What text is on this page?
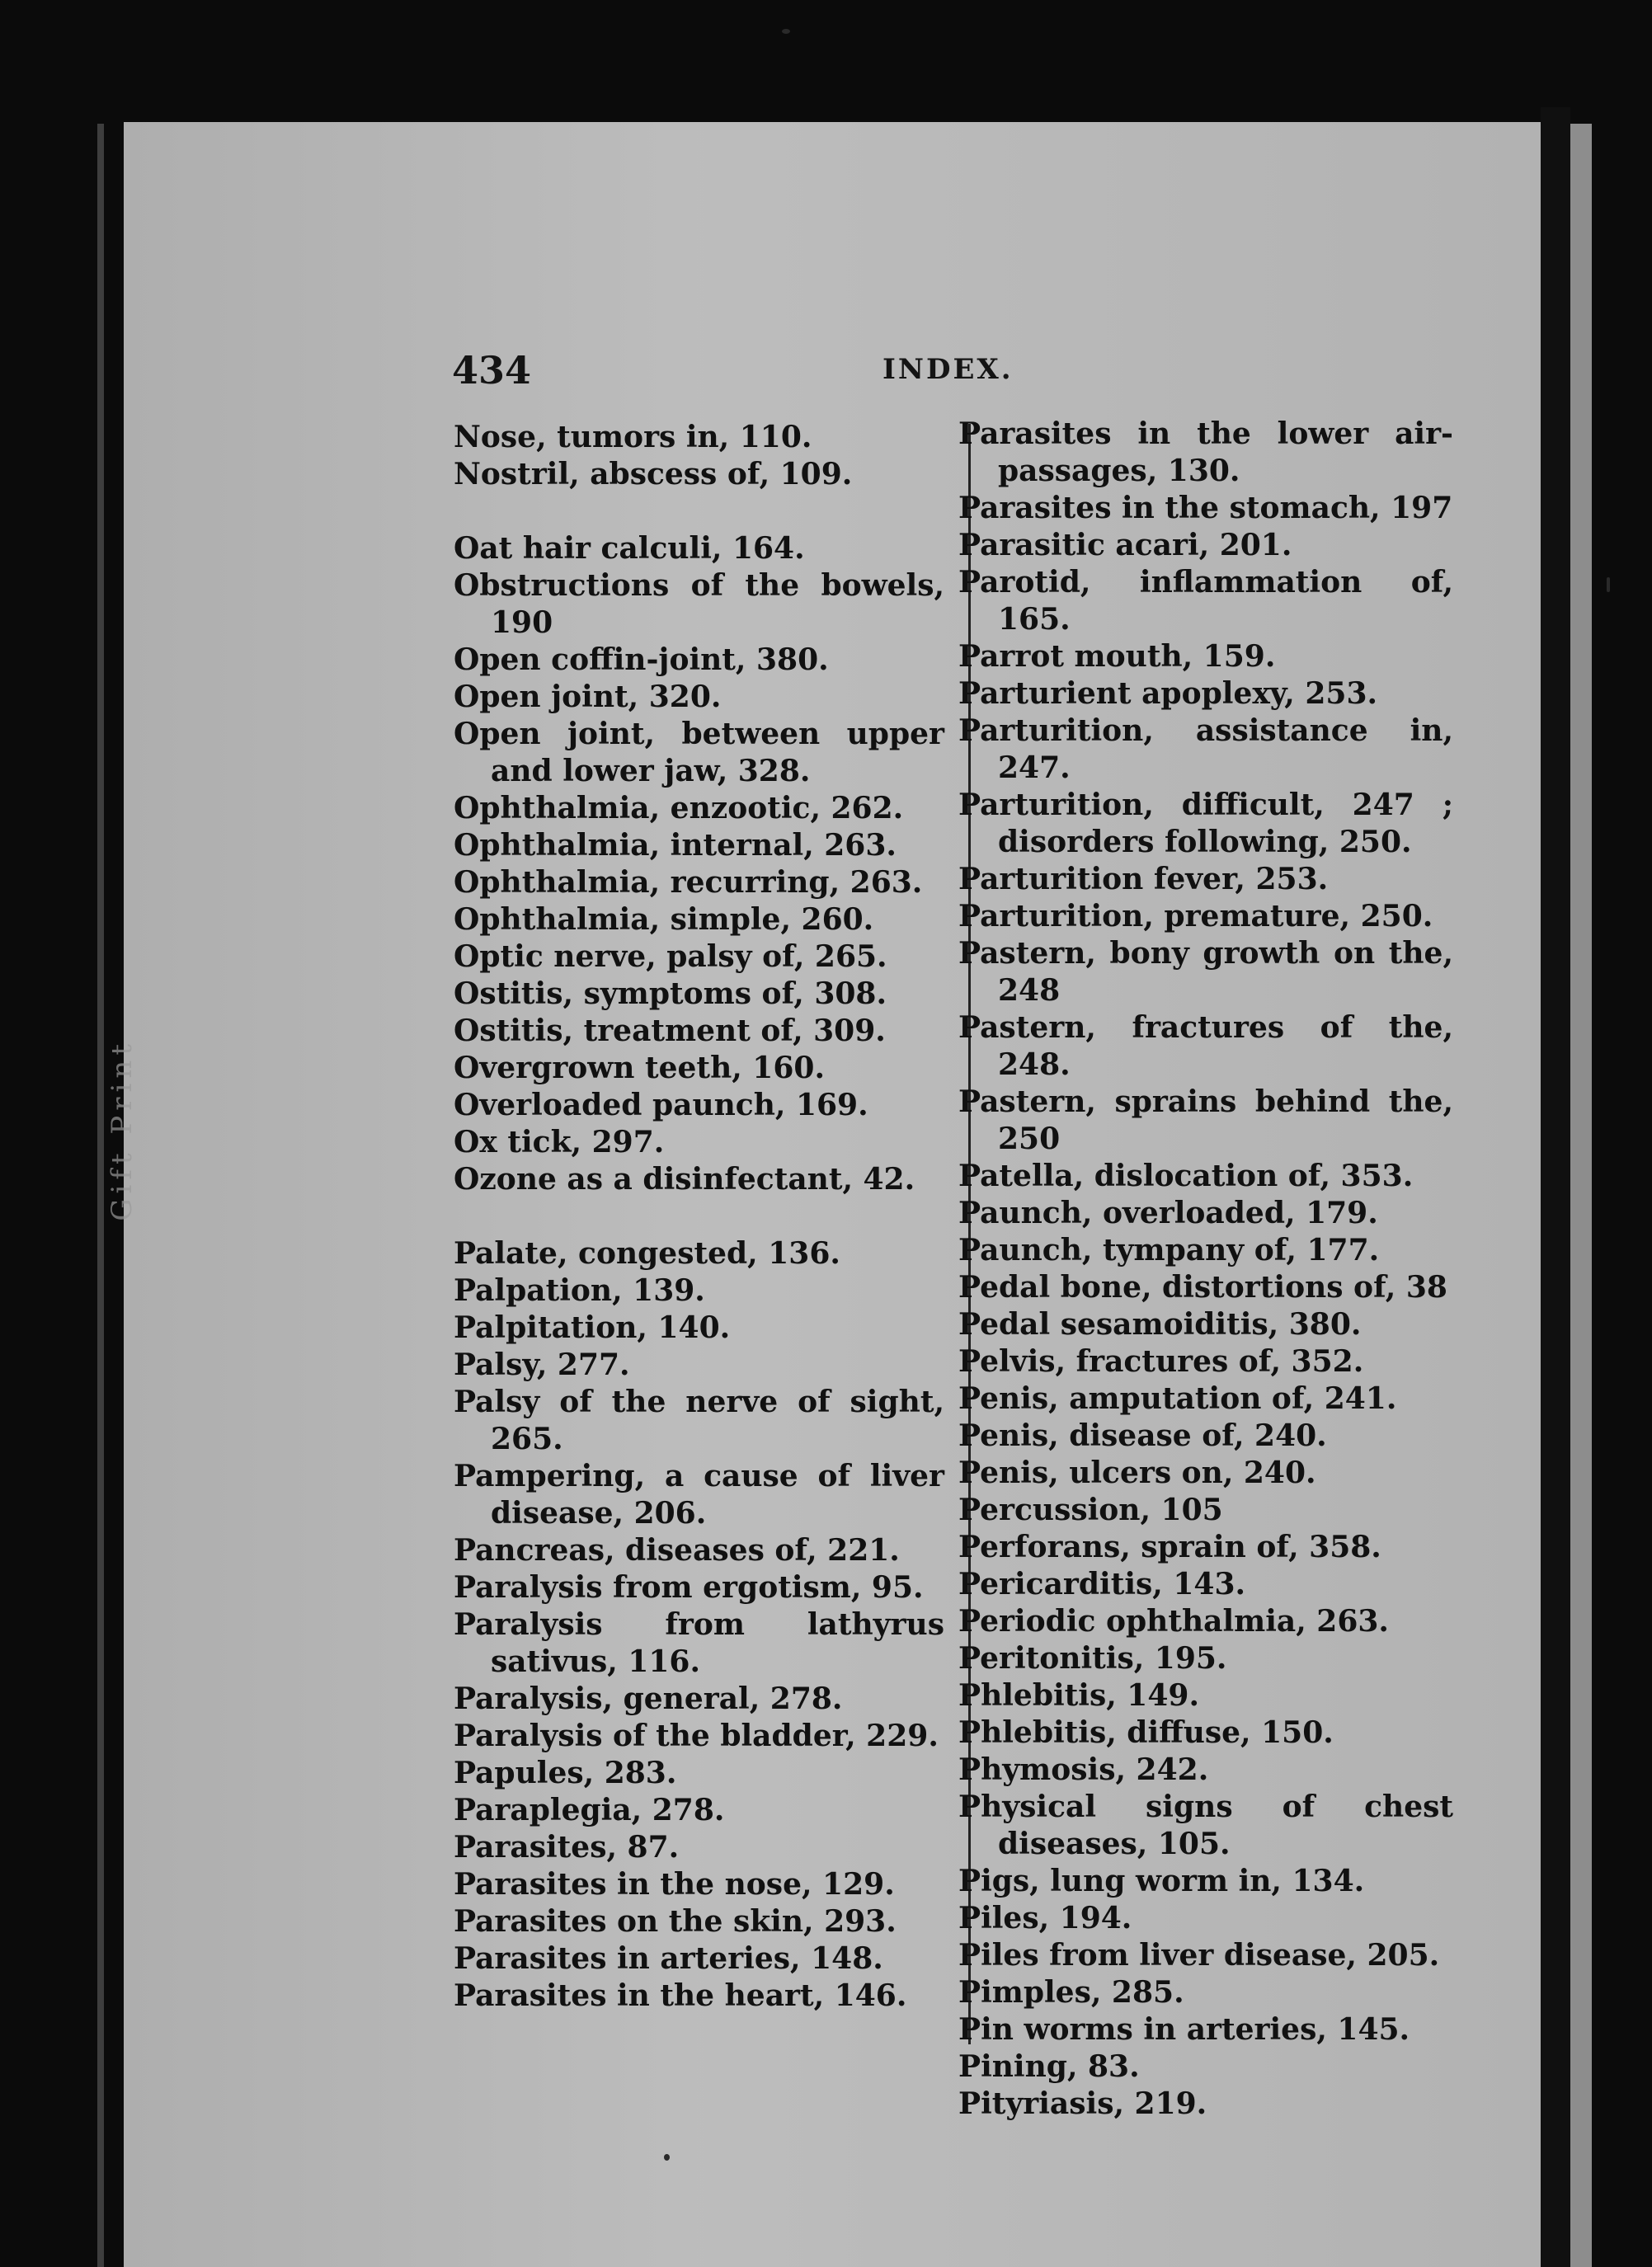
Gift Print
434	INDEX.
Nose, tumors in, 110.
Nostril, abscess of, 109.
Oat hair calculi, 164.
Obstructions of the bowels, 190
Open coffin-joint, 380.
Open joint, 320.
Open joint, between upper and lower jaw, 328.
Ophthalmia, enzootic, 262.
Ophthalmia, internal, 263.
Ophthalmia, recurring, 263.
Ophthalmia, simple, 260.
Optic nerve, palsy of, 265.
Ostitis, symptoms of, 308.
Ostitis, treatment of, 309.
Overgrown teeth, 160.
Overloaded paunch, 169.
Ox tick, 297.
Ozone as a disinfectant, 42.
Palate, congested, 136.
Palpation, 139.
Palpitation, 140.
Palsy, 277.
Palsy of the nerve of sight, 265.
Pampering, a cause of liver disease, 206.
Pancreas, diseases of, 221.
Paralysis from ergotism, 95.
Paralysis from lathyrus sativus, 116.
Paralysis, general, 278.
Paralysis of the bladder, 229.
Papules, 283.
Paraplegia, 278.
Parasites, 87.
Parasites in the nose, 129.
Parasites on the skin, 293.
Parasites in arteries, 148.
Parasites in the heart, 146.
Parasites in the lower air-passages, 130.
Parasites in the stomach, 197
Parasitic acari, 201.
Parotid, inflammation of, 165.
Parrot mouth, 159.
Parturient apoplexy, 253.
Parturition, assistance in, 247.
Parturition, difficult, 247 ; disorders following, 250.
Parturition fever, 253.
Parturition, premature, 250.
Pastern, bony growth on the, 248
Pastern, fractures of the, 248.
Pastern, sprains behind the, 250
Patella, dislocation of, 353.
Paunch, overloaded, 179.
Paunch, tympany of, 177.
Pedal bone, distortions of, 38
Pedal sesamoiditis, 380.
Pelvis, fractures of, 352.
Penis, amputation of, 241.
Penis, disease of, 240.
Penis, ulcers on, 240.
Percussion, 105
Perforans, sprain of, 358.
Pericarditis, 143.
Periodic ophthalmia, 263.
Peritonitis, 195.
Phlebitis, 149.
Phlebitis, diffuse, 150.
Phymosis, 242.
Physical signs of chest diseases, 105.
Pigs, lung worm in, 134.
Piles, 194.
Piles from liver disease, 205.
Pimples, 285.
Pin worms in arteries, 145.
Pining, 83.
Pityriasis, 219.
